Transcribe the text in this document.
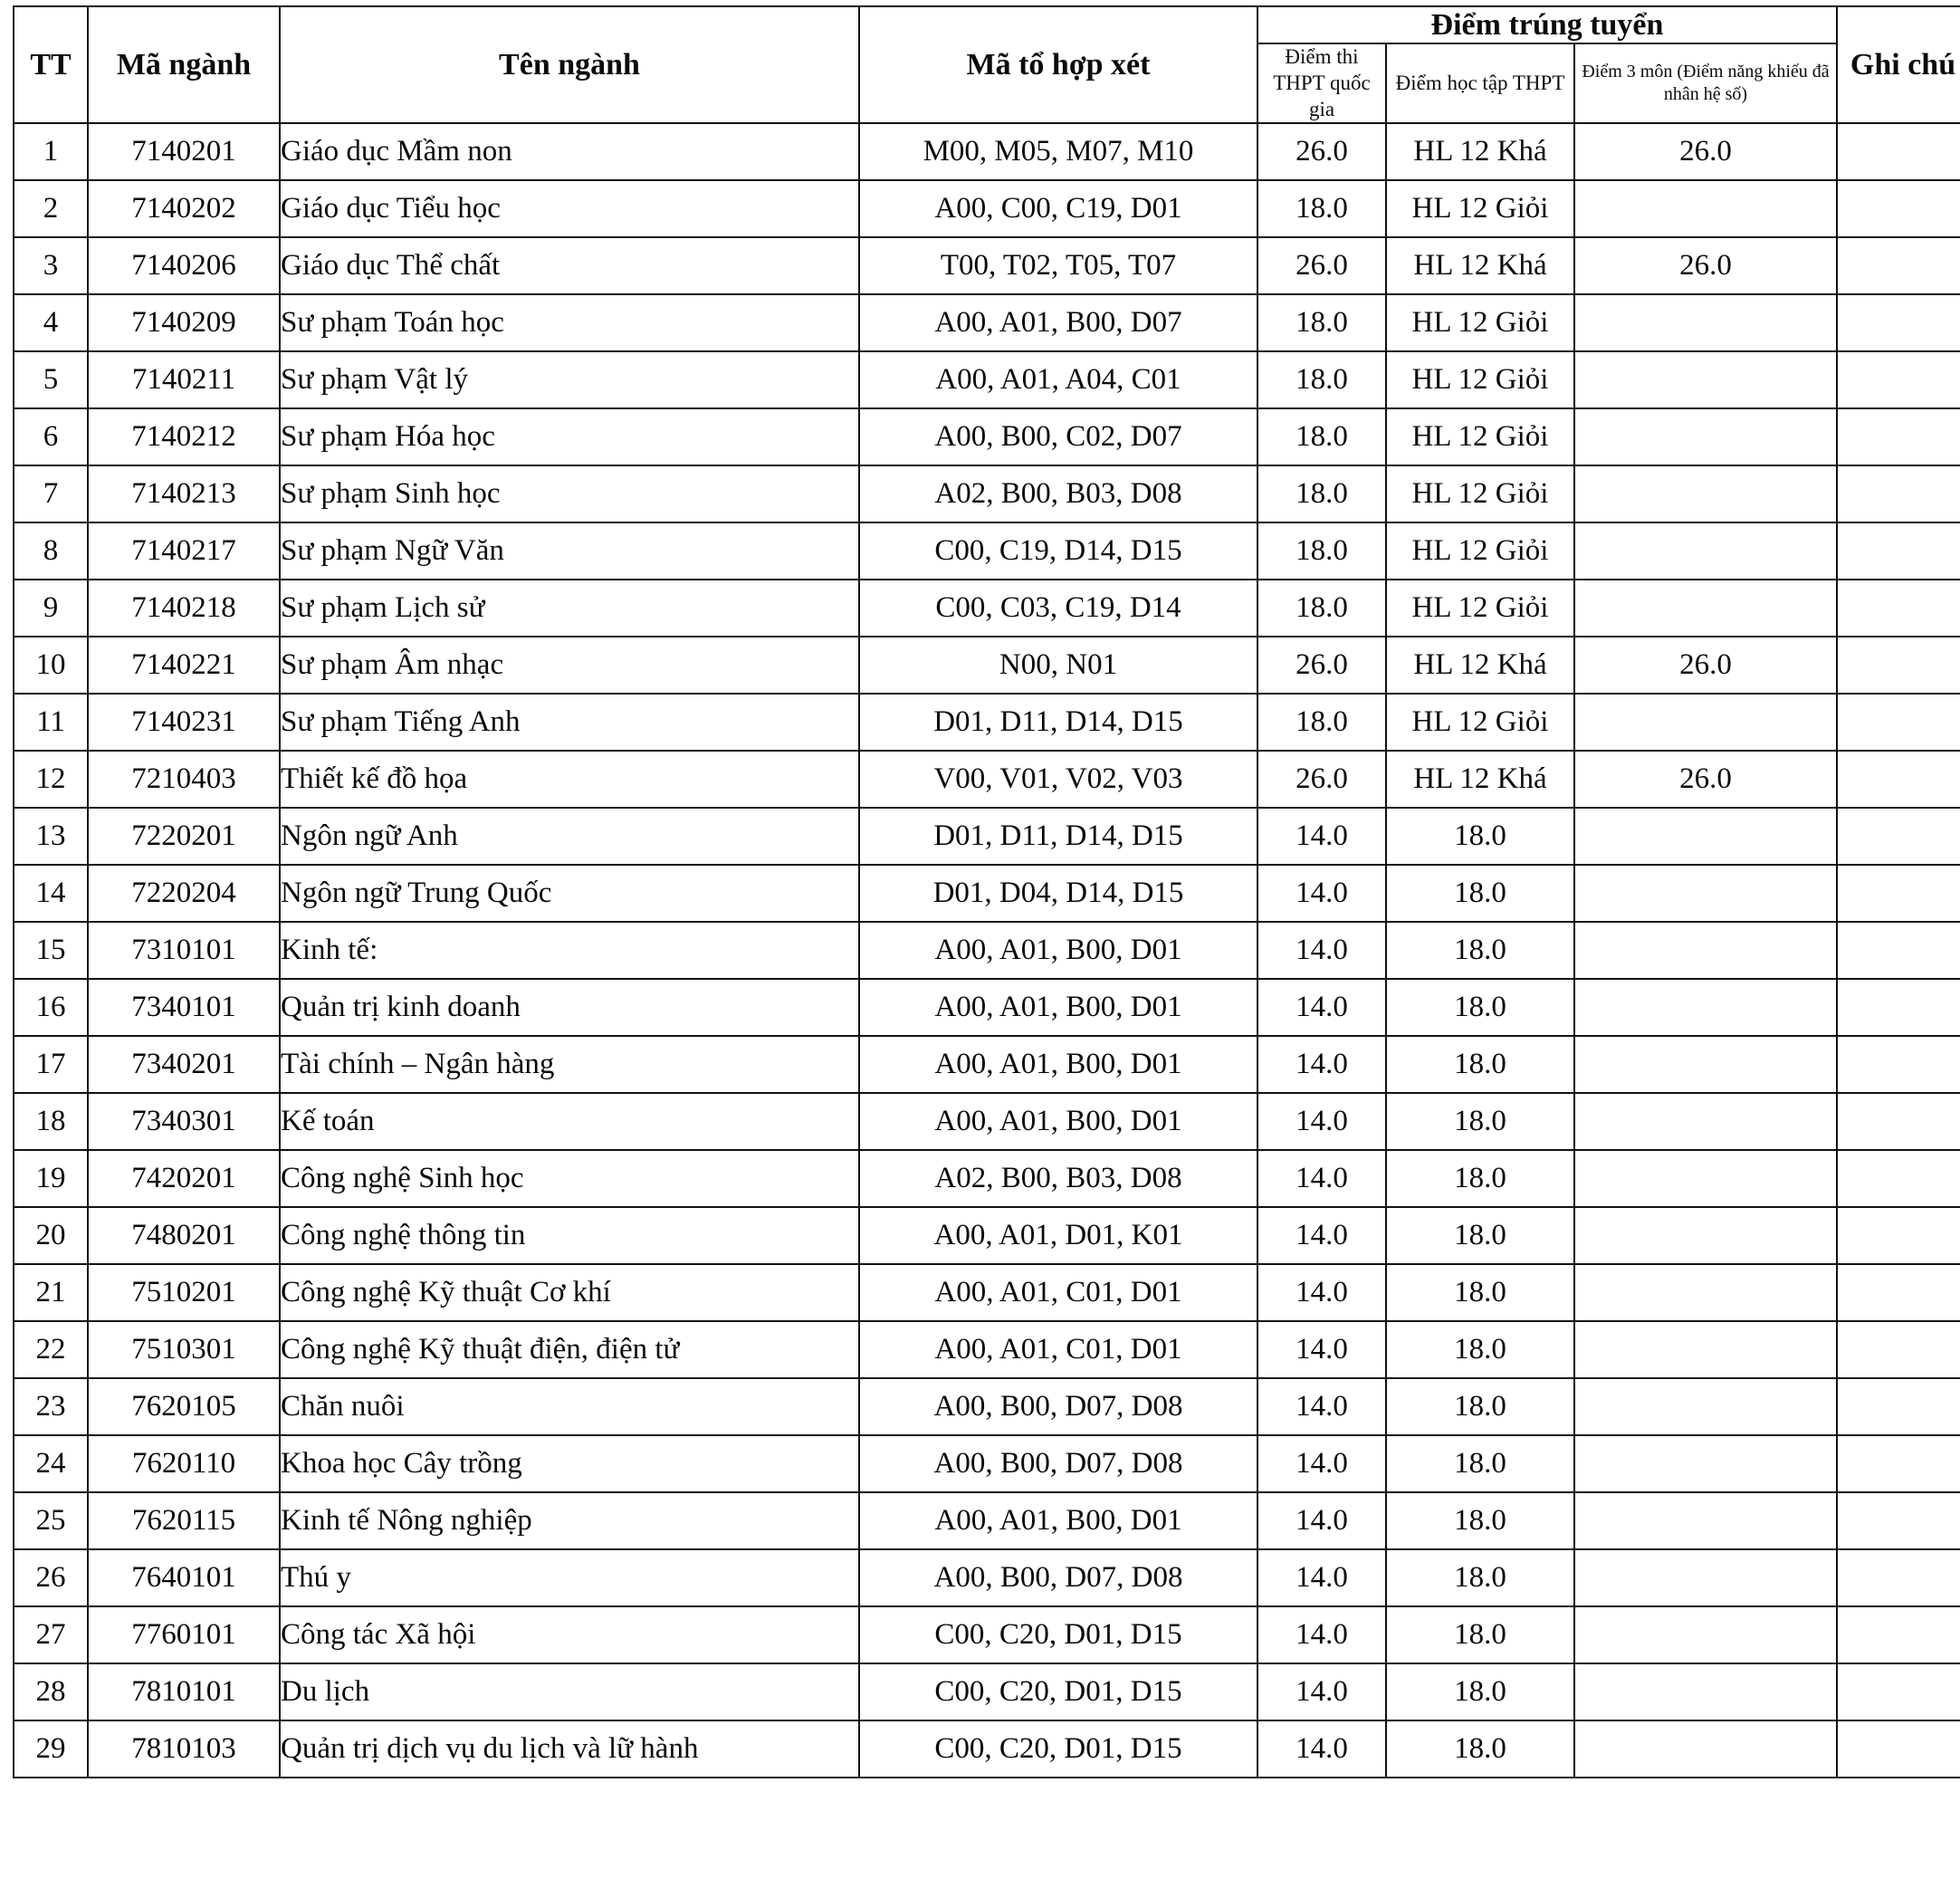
TT	Mã ngành	Tên ngành	Mã tổ hợp xét	Điểm trúng tuyển			Ghi chú
				Điểm thi THPT quốc gia	Điểm học tập THPT	Điểm 3 môn (Điểm năng khiếu đã nhân hệ số)	
1	7140201	Giáo dục Mầm non	M00, M05, M07, M10	26.0	HL 12 Khá	26.0	
2	7140202	Giáo dục Tiểu học	A00, C00, C19, D01	18.0	HL 12 Giỏi		
3	7140206	Giáo dục Thể chất	T00, T02, T05, T07	26.0	HL 12 Khá	26.0	
4	7140209	Sư phạm Toán học	A00, A01, B00, D07	18.0	HL 12 Giỏi		
5	7140211	Sư phạm Vật lý	A00, A01, A04, C01	18.0	HL 12 Giỏi		
6	7140212	Sư phạm Hóa học	A00, B00, C02, D07	18.0	HL 12 Giỏi		
7	7140213	Sư phạm Sinh học	A02, B00, B03, D08	18.0	HL 12 Giỏi		
8	7140217	Sư phạm Ngữ Văn	C00, C19, D14, D15	18.0	HL 12 Giỏi		
9	7140218	Sư phạm Lịch sử	C00, C03, C19, D14	18.0	HL 12 Giỏi		
10	7140221	Sư phạm Âm nhạc	N00, N01	26.0	HL 12 Khá	26.0	
11	7140231	Sư phạm Tiếng Anh	D01, D11, D14, D15	18.0	HL 12 Giỏi		
12	7210403	Thiết kế đồ họa	V00, V01, V02, V03	26.0	HL 12 Khá	26.0	
13	7220201	Ngôn ngữ Anh	D01, D11, D14, D15	14.0	18.0		
14	7220204	Ngôn ngữ Trung Quốc	D01, D04, D14, D15	14.0	18.0		
15	7310101	Kinh tế:	A00, A01, B00, D01	14.0	18.0		
16	7340101	Quản trị kinh doanh	A00, A01, B00, D01	14.0	18.0		
17	7340201	Tài chính – Ngân hàng	A00, A01, B00, D01	14.0	18.0		
18	7340301	Kế toán	A00, A01, B00, D01	14.0	18.0		
19	7420201	Công nghệ Sinh học	A02, B00, B03, D08	14.0	18.0		
20	7480201	Công nghệ thông tin	A00, A01, D01, K01	14.0	18.0		
21	7510201	Công nghệ Kỹ thuật Cơ khí	A00, A01, C01, D01	14.0	18.0		
22	7510301	Công nghệ Kỹ thuật điện, điện tử	A00, A01, C01, D01	14.0	18.0		
23	7620105	Chăn nuôi	A00, B00, D07, D08	14.0	18.0		
24	7620110	Khoa học Cây trồng	A00, B00, D07, D08	14.0	18.0		
25	7620115	Kinh tế Nông nghiệp	A00, A01, B00, D01	14.0	18.0		
26	7640101	Thú y	A00, B00, D07, D08	14.0	18.0		
27	7760101	Công tác Xã hội	C00, C20, D01, D15	14.0	18.0		
28	7810101	Du lịch	C00, C20, D01, D15	14.0	18.0		
29	7810103	Quản trị dịch vụ du lịch và lữ hành	C00, C20, D01, D15	14.0	18.0		
